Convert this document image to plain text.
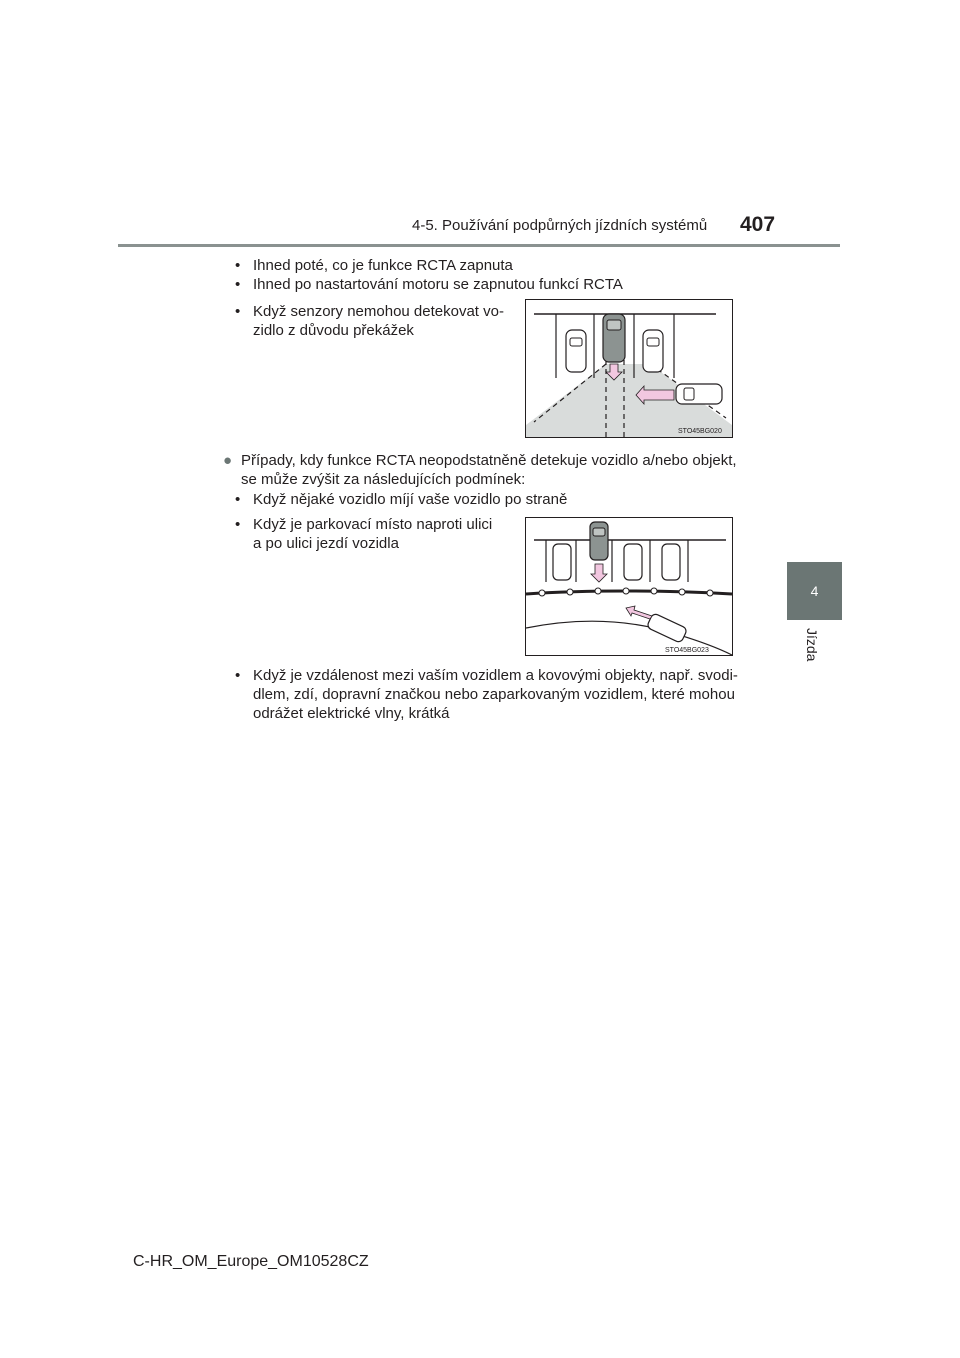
4-5. Používání podpůrných jízdních systémů 407
4
Jízda
• Ihned poté, co je funkce RCTA zapnuta
• Ihned po nastartování motoru se zapnutou funkcí RCTA
• Když senzory nemohou detekovat vo-
zidlo z důvodu překážek
STO45BG020
● Případy, kdy funkce RCTA neopodstatněně detekuje vozidlo a/nebo objekt,
se může zvýšit za následujících podmínek:
• Když nějaké vozidlo míjí vaše vozidlo po straně
• Když je parkovací místo naproti ulici
a po ulici jezdí vozidla
STO45BG023
• Když je vzdálenost mezi vaším vozidlem a kovovými objekty, např. svodi-
dlem, zdí, dopravní značkou nebo zaparkovaným vozidlem, které mohou
odrážet elektrické vlny, krátká
C-HR_OM_Europe_OM10528CZ
